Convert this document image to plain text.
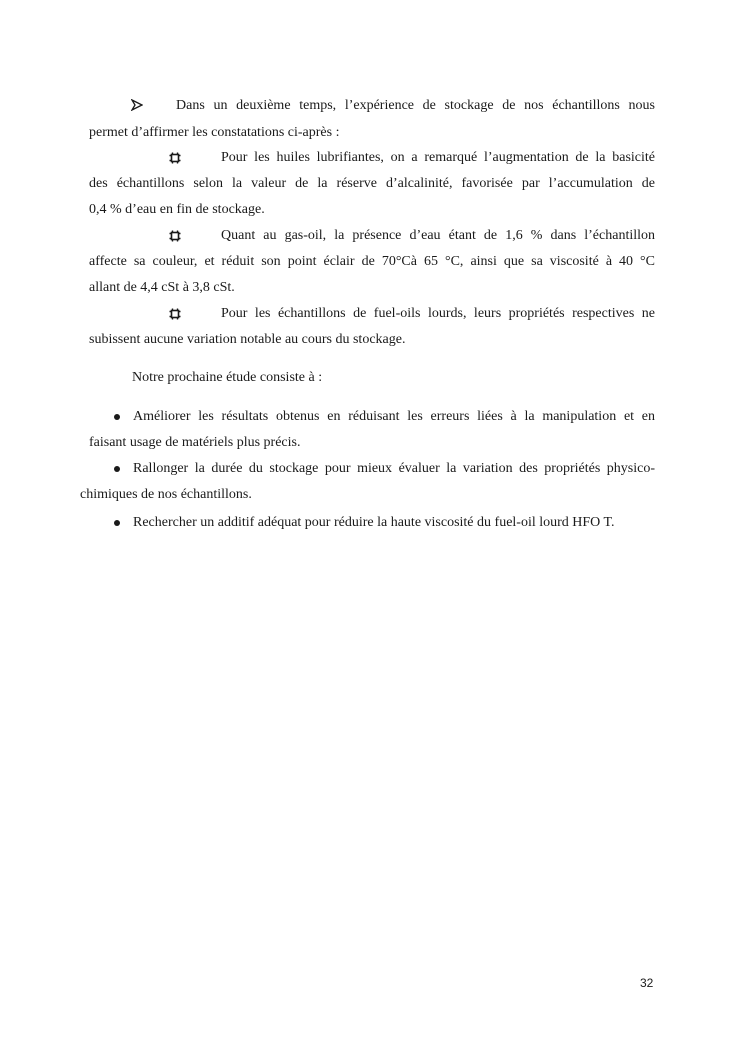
Dans un deuxième temps, l’expérience de stockage de nos échantillons nous
permet d’affirmer les constatations ci-après :
Pour les huiles lubrifiantes, on a remarqué l’augmentation de la basicité
des échantillons selon la valeur de la réserve d’alcalinité, favorisée par l’accumulation de
0,4 % d’eau en fin de stockage.
Quant au gas-oil, la présence d’eau étant de 1,6 % dans l’échantillon
affecte sa couleur, et réduit son point éclair de 70°Cà 65 °C, ainsi que sa viscosité à 40 °C
allant de 4,4 cSt à 3,8 cSt.
Pour les échantillons de fuel-oils lourds, leurs propriétés respectives ne
subissent aucune variation notable au cours du stockage.
Notre prochaine étude consiste à :
Améliorer les résultats obtenus en réduisant les erreurs liées à la manipulation et en
faisant usage de matériels plus précis.
Rallonger la durée du stockage pour mieux évaluer la variation des propriétés physico-
chimiques de nos échantillons.
Rechercher un additif adéquat pour réduire la haute viscosité du fuel-oil lourd HFO T.
32
